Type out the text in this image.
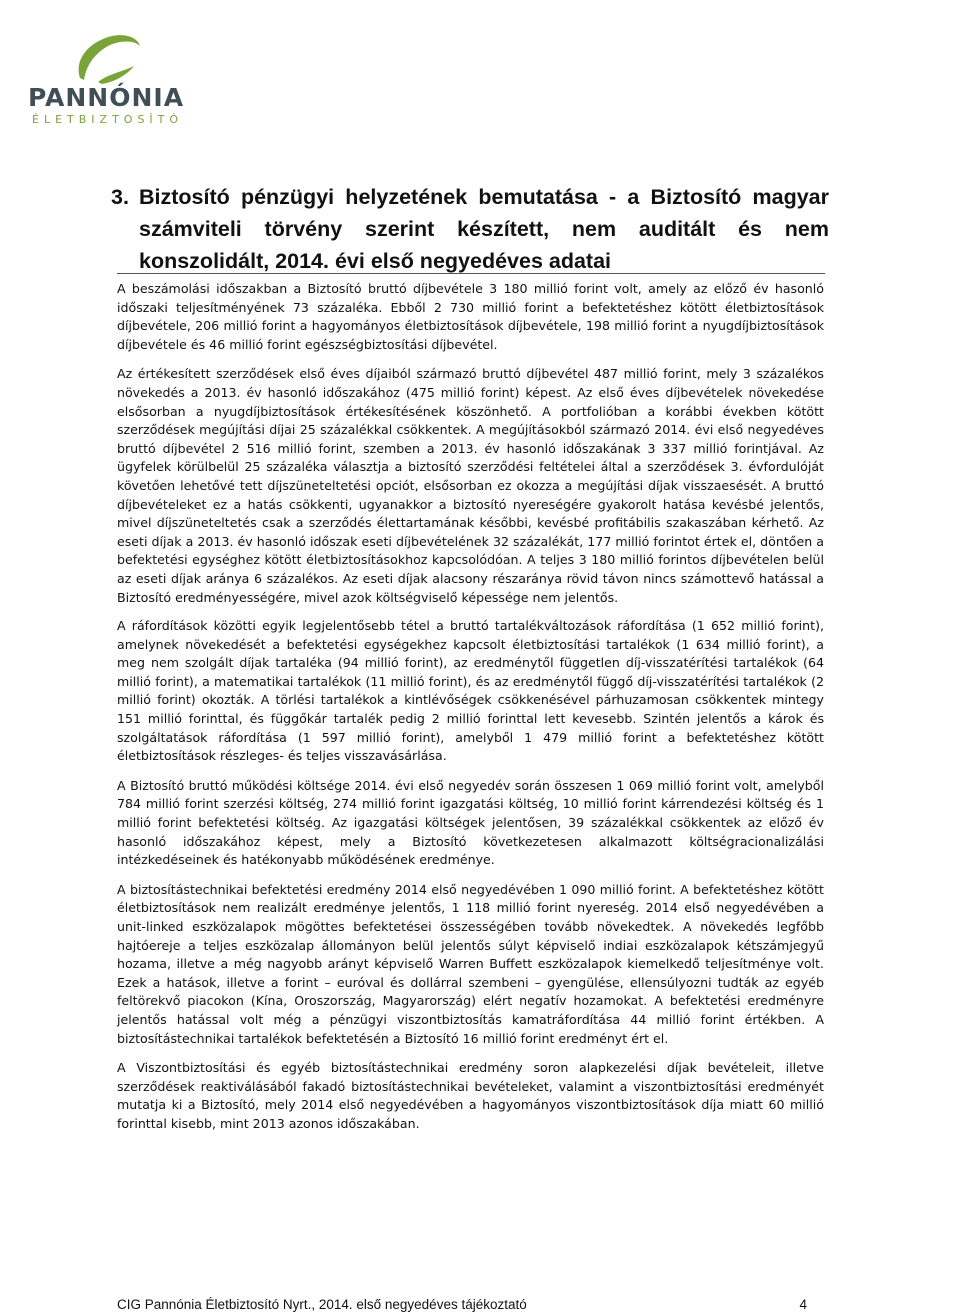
PANNÓNIA
ÉLETBIZTOSÍTÓ
3. Biztosító pénzügyi helyzetének bemutatása - a Biztosító magyar számviteli törvény szerint készített, nem auditált és nem konszolidált, 2014. évi első negyedéves adatai

A beszámolási időszakban a Biztosító bruttó díjbevétele 3 180 millió forint volt, amely az előző év hasonló időszaki teljesítményének 73 százaléka. Ebből 2 730 millió forint a befektetéshez kötött életbiztosítások díjbevétele, 206 millió forint a hagyományos életbiztosítások díjbevétele, 198 millió forint a nyugdíjbiztosítások díjbevétele és 46 millió forint egészségbiztosítási díjbevétel.

Az értékesített szerződések első éves díjaiból származó bruttó díjbevétel 487 millió forint, mely 3 százalékos növekedés a 2013. év hasonló időszakához (475 millió forint) képest. Az első éves díjbevételek növekedése elsősorban a nyugdíjbiztosítások értékesítésének köszönhető. A portfolióban a korábbi években kötött szerződések megújítási díjai 25 százalékkal csökkentek. A megújításokból származó 2014. évi első negyedéves bruttó díjbevétel 2 516 millió forint, szemben a 2013. év hasonló időszakának 3 337 millió forintjával. Az ügyfelek körülbelül 25 százaléka választja a biztosító szerződési feltételei által a szerződések 3. évfordulóját követően lehetővé tett díjszüneteltetési opciót, elsősorban ez okozza a megújítási díjak visszaesését. A bruttó díjbevételeket ez a hatás csökkenti, ugyanakkor a biztosító nyereségére gyakorolt hatása kevésbé jelentős, mivel díjszüneteltetés csak a szerződés élettartamának későbbi, kevésbé profitábilis szakaszában kérhető. Az eseti díjak a 2013. év hasonló időszak eseti díjbevételének 32 százalékát, 177 millió forintot értek el, döntően a befektetési egységhez kötött életbiztosításokhoz kapcsolódóan. A teljes 3 180 millió forintos díjbevételen belül az eseti díjak aránya 6 százalékos. Az eseti díjak alacsony részaránya rövid távon nincs számottevő hatással a Biztosító eredményességére, mivel azok költségviselő képessége nem jelentős.

A ráfordítások közötti egyik legjelentősebb tétel a bruttó tartalékváltozások ráfordítása (1 652 millió forint), amelynek növekedését a befektetési egységekhez kapcsolt életbiztosítási tartalékok (1 634 millió forint), a meg nem szolgált díjak tartaléka (94 millió forint), az eredménytől független díj-visszatérítési tartalékok (64 millió forint), a matematikai tartalékok (11 millió forint), és az eredménytől függő díj-visszatérítési tartalékok (2 millió forint) okozták. A törlési tartalékok a kintlévőségek csökkenésével párhuzamosan csökkentek mintegy 151 millió forinttal, és függőkár tartalék pedig 2 millió forinttal lett kevesebb. Szintén jelentős a károk és szolgáltatások ráfordítása (1 597 millió forint), amelyből 1 479 millió forint a befektetéshez kötött életbiztosítások részleges- és teljes visszavásárlása.

A Biztosító bruttó működési költsége 2014. évi első negyedév során összesen 1 069 millió forint volt, amelyből 784 millió forint szerzési költség, 274 millió forint igazgatási költség, 10 millió forint kárrendezési költség és 1 millió forint befektetési költség. Az igazgatási költségek jelentősen, 39 százalékkal csökkentek az előző év hasonló időszakához képest, mely a Biztosító következetesen alkalmazott költségracionalizálási intézkedéseinek és hatékonyabb működésének eredménye.

A biztosítástechnikai befektetési eredmény 2014 első negyedévében 1 090 millió forint. A befektetéshez kötött életbiztosítások nem realizált eredménye jelentős, 1 118 millió forint nyereség. 2014 első negyedévében a unit-linked eszközalapok mögöttes befektetései összességében tovább növekedtek. A növekedés legfőbb hajtóereje a teljes eszközalap állományon belül jelentős súlyt képviselő indiai eszközalapok kétszámjegyű hozama, illetve a még nagyobb arányt képviselő Warren Buffett eszközalapok kiemelkedő teljesítménye volt. Ezek a hatások, illetve a forint – euróval és dollárral szembeni – gyengülése, ellensúlyozni tudták az egyéb feltörekvő piacokon (Kína, Oroszország, Magyarország) elért negatív hozamokat. A befektetési eredményre jelentős hatással volt még a pénzügyi viszontbiztosítás kamatráfordítása 44 millió forint értékben. A biztosítástechnikai tartalékok befektetésén a Biztosító 16 millió forint eredményt ért el.

A Viszontbiztosítási és egyéb biztosítástechnikai eredmény soron alapkezelési díjak bevételeit, illetve szerződések reaktiválásából fakadó biztosítástechnikai bevételeket, valamint a viszontbiztosítási eredményét mutatja ki a Biztosító, mely 2014 első negyedévében a hagyományos viszontbiztosítások díja miatt 60 millió forinttal kisebb, mint 2013 azonos időszakában.

CIG Pannónia Életbiztosító Nyrt., 2014. első negyedéves tájékoztató	4
